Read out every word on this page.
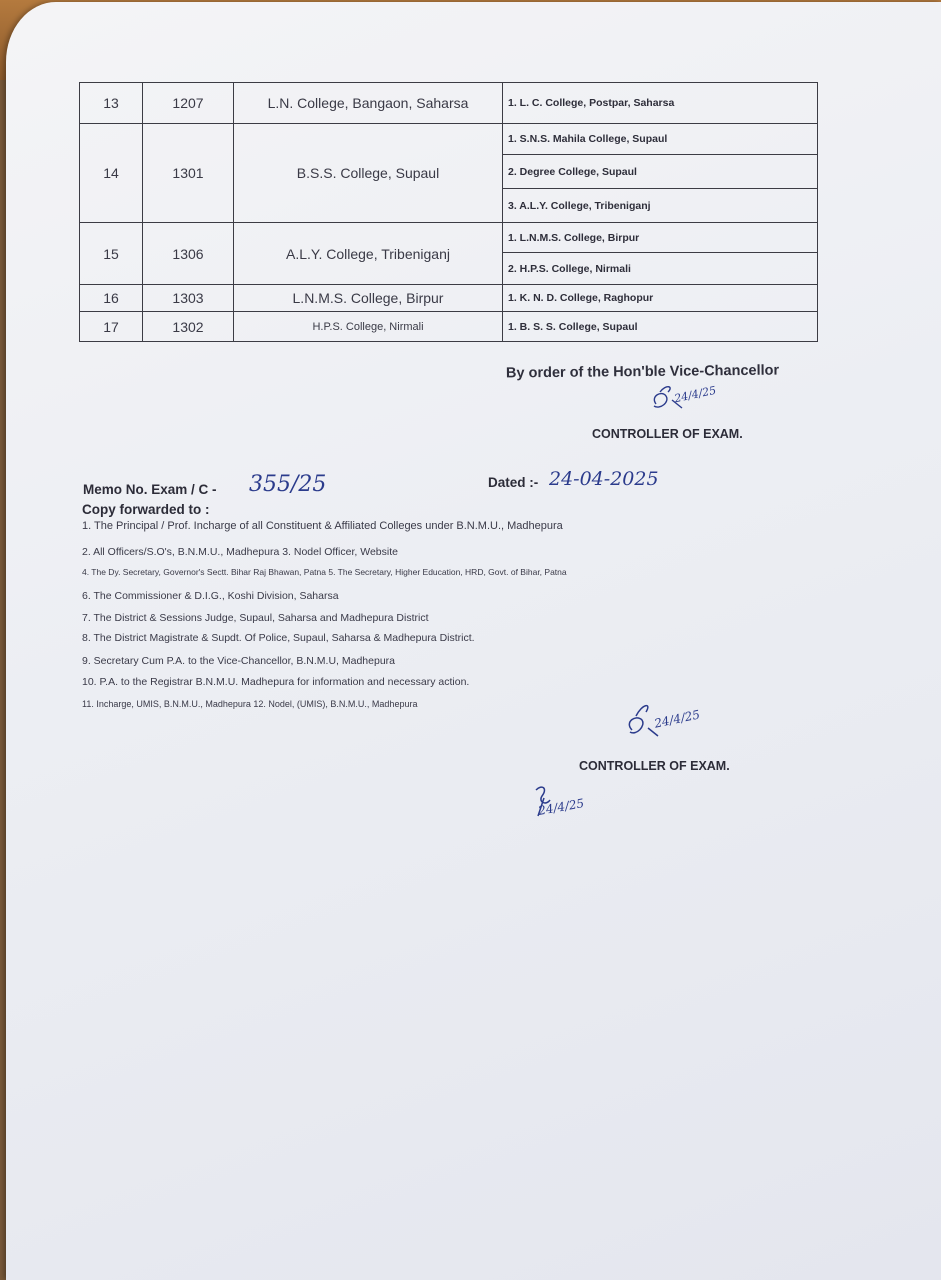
13	1207	L.N. College, Bangaon, Saharsa	1. L. C. College, Postpar, Saharsa
14	1301	B.S.S. College, Supaul	1. S.N.S. Mahila College, Supaul
			2. Degree College, Supaul
			3. A.L.Y. College, Tribeniganj
15	1306	A.L.Y. College, Tribeniganj	1. L.N.M.S. College, Birpur
			2. H.P.S. College, Nirmali
16	1303	L.N.M.S. College, Birpur	1. K. N. D. College, Raghopur
17	1302	H.P.S. College, Nirmali	1. B. S. S. College, Supaul
By order of the Hon'ble Vice-Chancellor
24/4/25
CONTROLLER OF EXAM.
Memo No. Exam / C - 355/25	Dated :- 24-04-2025
Copy forwarded to :
1. The Principal / Prof. Incharge of all Constituent & Affiliated Colleges under B.N.M.U., Madhepura
2. All Officers/S.O's, B.N.M.U., Madhepura 3. Nodel Officer, Website
4. The Dy. Secretary, Governor's Sectt. Bihar Raj Bhawan, Patna 5. The Secretary, Higher Education, HRD, Govt. of Bihar, Patna
6. The Commissioner & D.I.G., Koshi Division, Saharsa
7. The District & Sessions Judge, Supaul, Saharsa and Madhepura District
8. The District Magistrate & Supdt. Of Police, Supaul, Saharsa & Madhepura District.
9. Secretary Cum P.A. to the Vice-Chancellor, B.N.M.U, Madhepura
10. P.A. to the Registrar B.N.M.U. Madhepura for information and necessary action.
11. Incharge, UMIS, B.N.M.U., Madhepura 12. Nodel, (UMIS), B.N.M.U., Madhepura
24/4/25
CONTROLLER OF EXAM.
24/4/25
